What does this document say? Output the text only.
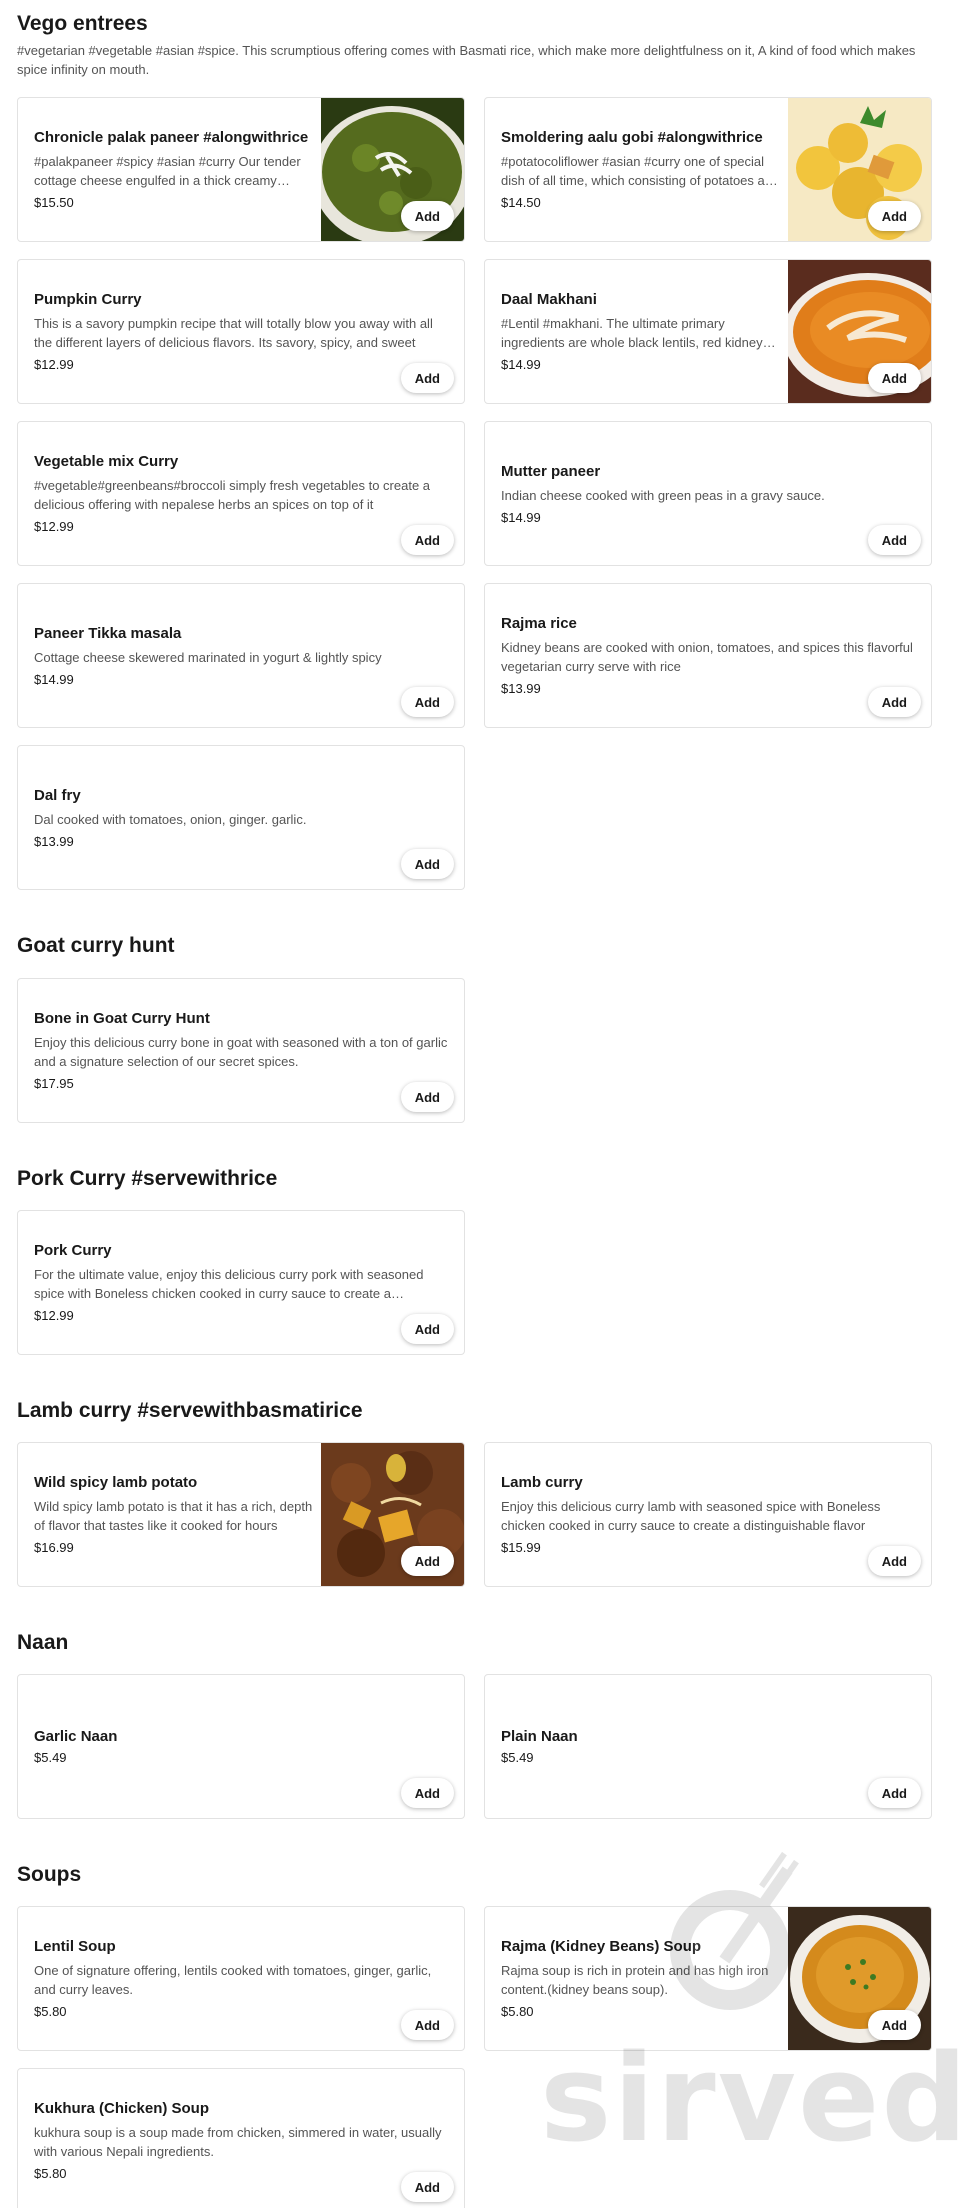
Vego entrees
#vegetarian #vegetable #asian #spice. This scrumptious offering comes with Basmati rice, which make more delightfulness on it, A kind of food which makes spice infinity on mouth.
Chronicle palak paneer #alongwithrice
#palakpaneer #spicy #asian #curry Our tender cottage cheese engulfed in a thick creamy
$15.50
Add
Smoldering aalu gobi #alongwithrice
#potatocoliflower #asian #curry one of special dish of all time, which consisting of potatoes and
$14.50
Add
Pumpkin Curry
This is a savory pumpkin recipe that will totally blow you away with all the different layers of delicious flavors. Its savory, spicy, and sweet
$12.99
Add
Daal Makhani
#Lentil #makhani. The ultimate primary ingredients are whole black lentils, red kidney
$14.99
Add
Vegetable mix Curry
#vegetable#greenbeans#broccoli simply fresh vegetables to create a delicious offering with nepalese herbs an spices on top of it
$12.99
Add
Mutter paneer
Indian cheese cooked with green peas in a gravy sauce.
$14.99
Add
Paneer Tikka masala
Cottage cheese skewered marinated in yogurt & lightly spicy
$14.99
Add
Rajma rice
Kidney beans are cooked with onion, tomatoes, and spices this flavorful vegetarian curry serve with rice
$13.99
Add
Dal fry
Dal cooked with tomatoes, onion, ginger. garlic.
$13.99
Add
Goat curry hunt
Bone in Goat Curry Hunt
Enjoy this delicious curry bone in goat with seasoned with a ton of garlic and a signature selection of our secret spices.
$17.95
Add
Pork Curry #servewithrice
Pork Curry
For the ultimate value, enjoy this delicious curry pork with seasoned spice with Boneless chicken cooked in curry sauce to create a
$12.99
Add
Lamb curry #servewithbasmatirice
Wild spicy lamb potato
Wild spicy lamb potato is that it has a rich, depth of flavor that tastes like it cooked for hours
$16.99
Add
Lamb curry
Enjoy this delicious curry lamb with seasoned spice with Boneless chicken cooked in curry sauce to create a distinguishable flavor
$15.99
Add
Naan
Garlic Naan
$5.49
Add
Plain Naan
$5.49
Add
Soups
Lentil Soup
One of signature offering, lentils cooked with tomatoes, ginger, garlic, and curry leaves.
$5.80
Add
Rajma (Kidney Beans) Soup
Rajma soup is rich in protein and has high iron content.(kidney beans soup).
$5.80
Add
Kukhura (Chicken) Soup
kukhura soup is a soup made from chicken, simmered in water, usually with various Nepali ingredients.
$5.80
Add
sirved
